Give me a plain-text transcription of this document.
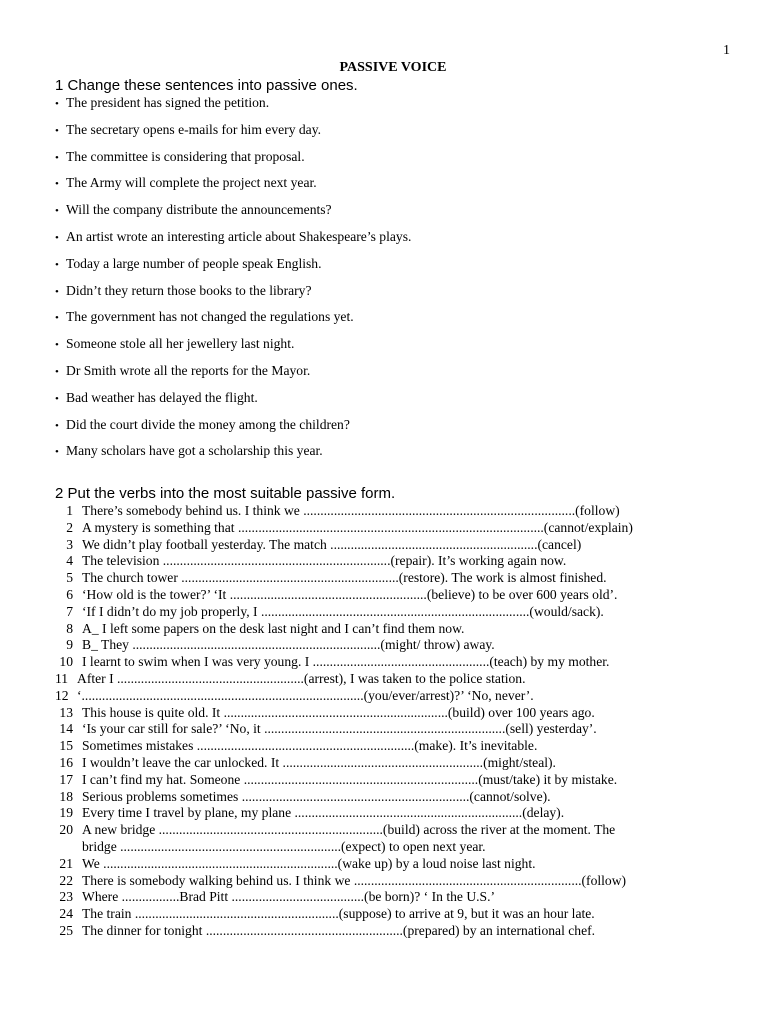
1
PASSIVE VOICE
1 Change these sentences into passive ones.
• The president has signed the petition.
• The secretary opens e-mails for him every day.
• The committee is considering that proposal.
• The Army will complete the project next year.
• Will the company distribute the announcements?
• An artist wrote an interesting article about Shakespeare’s plays.
• Today a large number of people speak English.
• Didn’t they return those books to the library?
• The government has not changed the regulations yet.
• Someone stole all her jewellery last night.
• Dr Smith wrote all the reports for the Mayor.
• Bad weather has delayed the flight.
• Did the court divide the money among the children?
• Many scholars have got a scholarship this year.
2 Put the verbs into the most suitable passive form.
1 There’s somebody behind us. I think we ................................................................................(follow)
2 A mystery is something that ..........................................................................................(cannot/explain)
3 We didn’t play football yesterday. The match .............................................................(cancel)
4 The television ...................................................................(repair). It’s working again now.
5 The church tower ................................................................(restore). The work is almost finished.
6 ‘How old is the tower?’ ‘It ..........................................................(believe) to be over 600 years old’.
7 ‘If I didn’t do my job properly, I ...............................................................................(would/sack).
8 A_ I left some papers on the desk last night and I can’t find them now.
9 B_ They .........................................................................(might/ throw) away.
10 I learnt to swim when I was very young. I ....................................................(teach) by my mother.
11 After I .......................................................(arrest), I was taken to the police station.
12 ‘...................................................................................(you/ever/arrest)?’ ‘No, never’.
13 This house is quite old. It ..................................................................(build) over 100 years ago.
14 ‘Is your car still for sale?’ ‘No, it .......................................................................(sell) yesterday’.
15 Sometimes mistakes ................................................................(make). It’s inevitable.
16 I wouldn’t leave the car unlocked. It ...........................................................(might/steal).
17 I can’t find my hat. Someone .....................................................................(must/take) it by mistake.
18 Serious problems sometimes ...................................................................(cannot/solve).
19 Every time I travel by plane, my plane ...................................................................(delay).
20 A new bridge ..................................................................(build) across the river at the moment. The
bridge .................................................................(expect) to open next year.
21 We .....................................................................(wake up) by a loud noise last night.
22 There is somebody walking behind us. I think we ...................................................................(follow)
23 Where .................Brad Pitt .......................................(be born)? ‘ In the U.S.’
24 The train ............................................................(suppose) to arrive at 9, but it was an hour late.
25 The dinner for tonight ..........................................................(prepared) by an international chef.
